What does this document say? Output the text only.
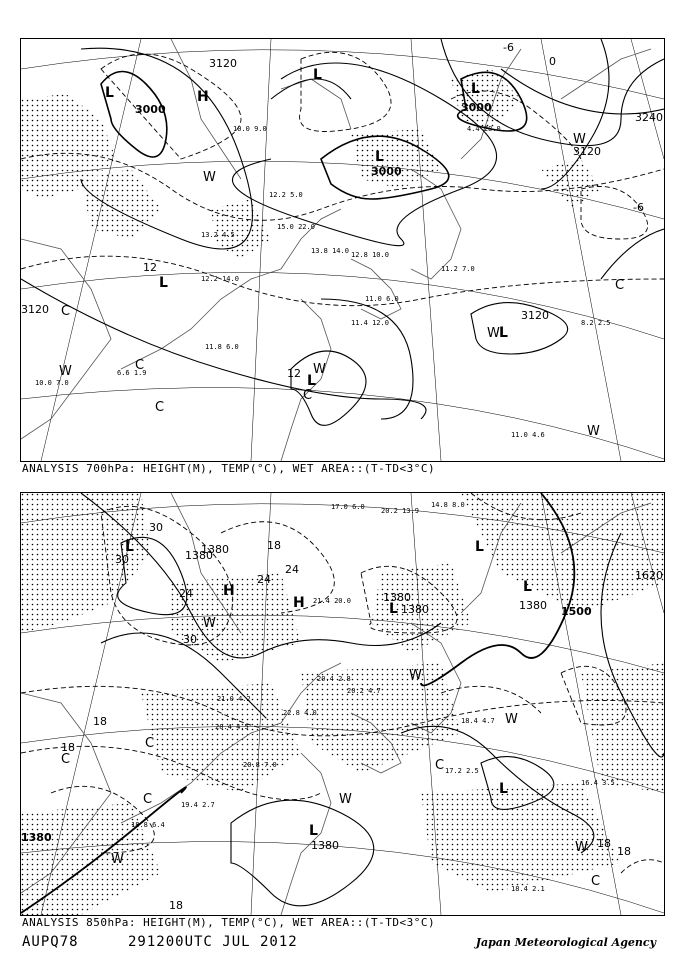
3120
3000
3000
3000
3120
3240
3120
3120
-6
0
-6
12
12
L	H
L
L
L
L
L
L
W
W
W
W
W
W
C
C
C
C
C
10.0 9.0
12.2 5.0
15.0 22.0
13.8 14.0 12.8 10.0
11.2 7.0
11.0 6.0
8.2 2.5
11.0 4.6
10.0 7.0
6.6 1.9
4.4 28.0
11.8 6.0
11.4 12.0
12.2 14.0
13.2 4.5
ANALYSIS 700hPa: HEIGHT(M), TEMP(°C), WET AREA::(T-TD<3°C)
1380
1380	1380
1620
1500
1380
1380
1380
1380
30
30
24
30
18
24
18
18
18
18
18
24
L
H
H	L
L
L
L
L
W
W
W
W
W
W
C
C
C
C
C
20.2 13.9
17.0 6.0	14.8 8.0
21.4 20.0
20.4 4.5
21.0 4.2
22.8 4.0
20.4 2.8
18.4 4.7
17.2 2.5
16.4 3.5
18.4 2.1
18.8 6.4
19.4 2.7
20.8 7.0
20.2 4.7
ANALYSIS 850hPa: HEIGHT(M), TEMP(°C), WET AREA::(T-TD<3°C)
AUPQ78	291200UTC JUL 2012	Japan Meteorological Agency
